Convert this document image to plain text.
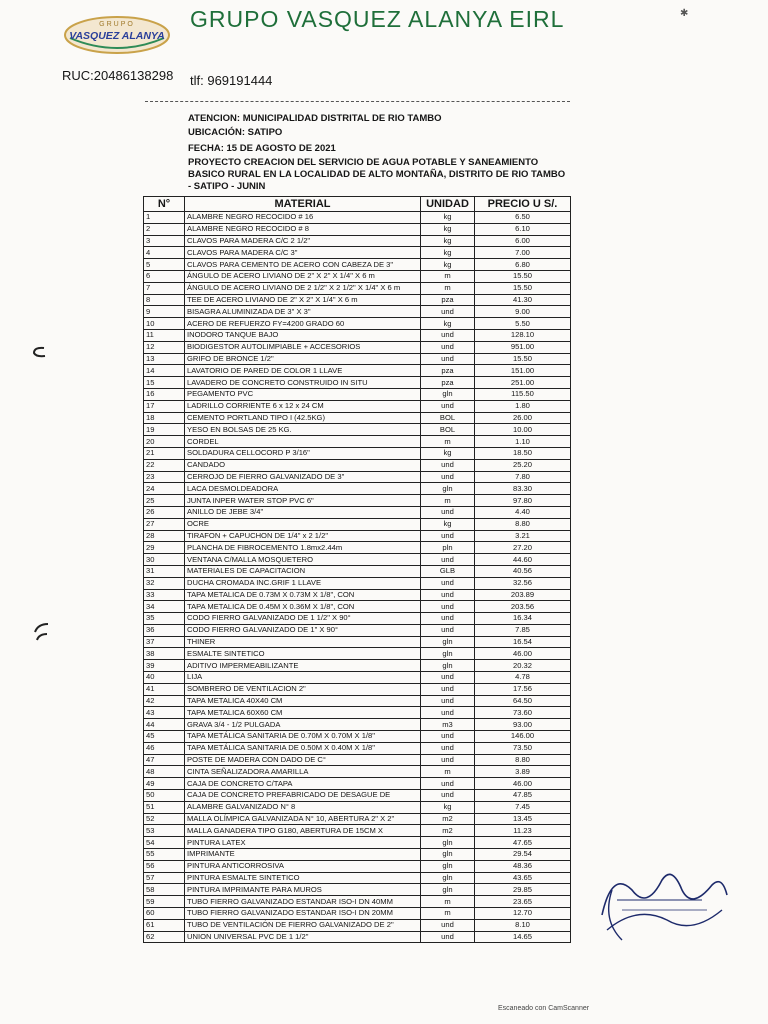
GRUPO
VASQUEZ ALANYA
GRUPO VASQUEZ ALANYA EIRL
RUC:20486138298 tlf: 969191444
✱
ATENCION: MUNICIPALIDAD DISTRITAL DE RIO TAMBO
UBICACIÓN: SATIPO
FECHA: 15 DE AGOSTO DE 2021
PROYECTO CREACION DEL SERVICIO DE AGUA POTABLE Y SANEAMIENTO BASICO RURAL EN LA LOCALIDAD DE ALTO MONTAÑA, DISTRITO DE RIO TAMBO - SATIPO - JUNIN
N°	MATERIAL	UNIDAD	PRECIO U S/.
1	ALAMBRE NEGRO RECOCIDO # 16	kg	6.50
2	ALAMBRE NEGRO RECOCIDO # 8	kg	6.10
3	CLAVOS PARA MADERA C/C 2 1/2"	kg	6.00
4	CLAVOS PARA MADERA C/C 3"	kg	7.00
5	CLAVOS PARA CEMENTO DE ACERO CON CABEZA DE 3"	kg	6.80
6	ÁNGULO DE ACERO LIVIANO DE 2" X 2" X 1/4" X 6 m	m	15.50
7	ÁNGULO DE ACERO LIVIANO DE 2 1/2" X 2 1/2" X 1/4" X 6 m	m	15.50
8	TEE DE ACERO LIVIANO DE 2" X 2" X 1/4" X 6 m	pza	41.30
9	BISAGRA ALUMINIZADA DE 3" X 3"	und	9.00
10	ACERO DE REFUERZO FY=4200 GRADO 60	kg	5.50
11	INODORO TANQUE BAJO	und	128.10
12	BIODIGESTOR AUTOLIMPIABLE + ACCESORIOS	und	951.00
13	GRIFO DE BRONCE 1/2"	und	15.50
14	LAVATORIO DE PARED DE COLOR 1 LLAVE	pza	151.00
15	LAVADERO DE CONCRETO CONSTRUIDO IN SITU	pza	251.00
16	PEGAMENTO PVC	gln	115.50
17	LADRILLO CORRIENTE 6 x 12 x 24 CM	und	1.80
18	CEMENTO PORTLAND TIPO I (42.5KG)	BOL	26.00
19	YESO EN BOLSAS DE 25 KG.	BOL	10.00
20	CORDEL	m	1.10
21	SOLDADURA CELLOCORD P 3/16"	kg	18.50
22	CANDADO	und	25.20
23	CERROJO DE FIERRO GALVANIZADO DE 3"	und	7.80
24	LACA DESMOLDEADORA	gln	83.30
25	JUNTA INPER WATER STOP PVC 6"	m	97.80
26	ANILLO DE JEBE 3/4"	und	4.40
27	OCRE	kg	8.80
28	TIRAFON + CAPUCHON DE 1/4" x 2 1/2"	und	3.21
29	PLANCHA DE FIBROCEMENTO 1.8mx2.44m	pln	27.20
30	VENTANA C/MALLA MOSQUETERO	und	44.60
31	MATERIALES DE CAPACITACION	GLB	40.56
32	DUCHA CROMADA INC.GRIF 1 LLAVE	und	32.56
33	TAPA METALICA DE 0.73M X 0.73M X 1/8", CON	und	203.89
34	TAPA METALICA DE 0.45M X 0.36M X 1/8", CON	und	203.56
35	CODO FIERRO GALVANIZADO DE 1 1/2" X 90°	und	16.34
36	CODO FIERRO GALVANIZADO DE 1" X 90°	und	7.85
37	THINER	gln	16.54
38	ESMALTE SINTETICO	gln	46.00
39	ADITIVO IMPERMEABILIZANTE	gln	20.32
40	LIJA	und	4.78
41	SOMBRERO DE VENTILACION 2"	und	17.56
42	TAPA METALICA 40X40 CM	und	64.50
43	TAPA METALICA 60X60 CM	und	73.60
44	GRAVA 3/4 - 1/2 PULGADA	m3	93.00
45	TAPA METÁLICA SANITARIA DE 0.70M X 0.70M X 1/8"	und	146.00
46	TAPA METÁLICA SANITARIA DE 0.50M X 0.40M X 1/8"	und	73.50
47	POSTE DE MADERA CON DADO DE C°	und	8.80
48	CINTA SEÑALIZADORA AMARILLA	m	3.89
49	CAJA DE CONCRETO C/TAPA	und	46.00
50	CAJA DE CONCRETO PREFABRICADO DE DESAGUE DE	und	47.85
51	ALAMBRE GALVANIZADO N° 8	kg	7.45
52	MALLA OLÍMPICA GALVANIZADA N° 10, ABERTURA 2" X 2"	m2	13.45
53	MALLA GANADERA TIPO G180, ABERTURA DE 15CM X	m2	11.23
54	PINTURA LATEX	gln	47.65
55	IMPRIMANTE	gln	29.54
56	PINTURA ANTICORROSIVA	gln	48.36
57	PINTURA ESMALTE SINTETICO	gln	43.65
58	PINTURA IMPRIMANTE PARA MUROS	gln	29.85
59	TUBO FIERRO GALVANIZADO ESTANDAR ISO-I DN 40MM	m	23.65
60	TUBO FIERRO GALVANIZADO ESTANDAR ISO-I DN 20MM	m	12.70
61	TUBO DE VENTILACIÓN DE FIERRO GALVANIZADO DE 2"	und	8.10
62	UNION UNIVERSAL PVC DE 1 1/2"	und	14.65
Escaneado con CamScanner
